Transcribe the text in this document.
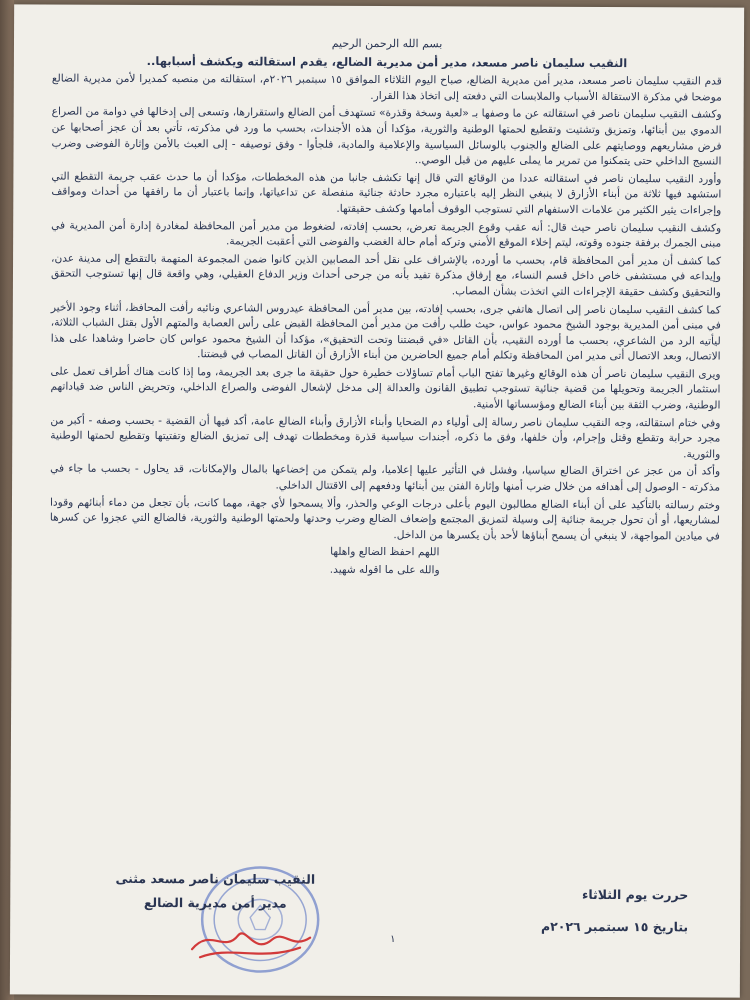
بسم الله الرحمن الرحيم
النقيب سليمان ناصر مسعد، مدير أمن مديرية الضالع، يقدم استقالته ويكشف أسبابها..

قدم النقيب سليمان ناصر مسعد، مدير أمن مديرية الضالع، صباح اليوم الثلاثاء الموافق ١٥ سبتمبر ٢٠٢٦م، استقالته من منصبه كمديرا لأمن مديرية الضالع موضحا في مذكرة الاستقالة الأسباب والملابسات التي دفعته إلى اتخاذ هذا القرار.

وكشف النقيب سليمان ناصر في استقالته عن ما وصفها بـ «لعبة وسخة وقذرة» تستهدف أمن الضالع واستقرارها، وتسعى إلى إدخالها في دوامة من الصراع الدموي بين أبنائها، وتمزيق وتشتيت وتقطيع لحمتها الوطنية والثورية، مؤكدا أن هذه الأجندات، بحسب ما ورد في مذكرته، تأتي بعد أن عجز أصحابها عن فرض مشاريعهم ووصايتهم على الضالع والجنوب بالوسائل السياسية والإعلامية والمادية، فلجأوا - وفق توصيفه - إلى العبث بالأمن وإثارة الفوضى وضرب النسيج الداخلي حتى يتمكنوا من تمرير ما يملى عليهم من قبل الوصي..

وأورد النقيب سليمان ناصر في استقالته عددا من الوقائع التي قال إنها تكشف جانبا من هذه المخططات، مؤكدا أن ما حدث عقب جريمة التقطع التي استشهد فيها ثلاثة من أبناء الأزارق لا ينبغي النظر إليه باعتباره مجرد حادثة جنائية منفصلة عن تداعياتها، وإنما باعتبار أن ما رافقها من أحداث ومواقف وإجراءات يثير الكثير من علامات الاستفهام التي تستوجب الوقوف أمامها وكشف حقيقتها.

وكشف النقيب سليمان ناصر حيث قال: أنه عقب وقوع الجريمة تعرض، بحسب إفادته، لضغوط من مدير أمن المحافظة لمغادرة إدارة أمن المديرية في مبنى الجمرك برفقة جنوده وقوته، ليتم إخلاء الموقع الأمني وتركه أمام حالة الغضب والفوضى التي أعقبت الجريمة.

كما كشف أن مدير أمن المحافظة قام، بحسب ما أورده، بالإشراف على نقل أحد المصابين الذين كانوا ضمن المجموعة المتهمة بالتقطع إلى مدينة عدن، وإيداعه في مستشفى خاص داخل قسم النساء، مع إرفاق مذكرة تفيد بأنه من جرحى أحداث وزير الدفاع العقيلي، وهي واقعة قال إنها تستوجب التحقق والتحقيق وكشف حقيقة الإجراءات التي اتخذت بشأن المصاب.

كما كشف النقيب سليمان ناصر إلى اتصال هاتفي جرى، بحسب إفادته، بين مدير أمن المحافظة عيدروس الشاعري ونائبه رأفت المحافظ، أثناء وجود الأخير في مبنى أمن المديرية بوجود الشيخ محمود عواس، حيث طلب رأفت من مدير أمن المحافظة القبض على رأس العصابة والمتهم الأول بقتل الشباب الثلاثة، ليأتيه الرد من الشاعري، بحسب ما أورده النقيب، بأن القاتل «في قبضتنا وتحت التحقيق»، مؤكدا أن الشيخ محمود عواس كان حاضرا وشاهدا على هذا الاتصال، وبعد الاتصال أتى مدير امن المحافظة وتكلم أمام جميع الحاضرين من أبناء الأزارق أن القاتل المصاب في قبضتنا.

ويرى النقيب سليمان ناصر أن هذه الوقائع وغيرها تفتح الباب أمام تساؤلات خطيرة حول حقيقة ما جرى بعد الجريمة، وما إذا كانت هناك أطراف تعمل على استثمار الجريمة وتحويلها من قضية جنائية تستوجب تطبيق القانون والعدالة إلى مدخل لإشعال الفوضى والصراع الداخلي، وتحريض الناس ضد قياداتهم الوطنية، وضرب الثقة بين أبناء الضالع ومؤسساتها الأمنية.

وفي ختام استقالته، وجه النقيب سليمان ناصر رسالة إلى أولياء دم الضحايا وأبناء الأزارق وأبناء الضالع عامة، أكد فيها أن القضية - بحسب وصفه - أكبر من مجرد حرابة وتقطع وقتل وإجرام، وأن خلفها، وفق ما ذكره، أجندات سياسية قذرة ومخططات تهدف إلى تمزيق الضالع وتفتيتها وتقطيع لحمتها الوطنية والثورية.

وأكد أن من عجز عن اختراق الضالع سياسيا، وفشل في التأثير عليها إعلاميا، ولم يتمكن من إخضاعها بالمال والإمكانات، قد يحاول - بحسب ما جاء في مذكرته - الوصول إلى أهدافه من خلال ضرب أمنها وإثارة الفتن بين أبنائها ودفعهم إلى الاقتتال الداخلي.

وختم رسالته بالتأكيد على أن أبناء الضالع مطالبون اليوم بأعلى درجات الوعي والحذر، وألا يسمحوا لأي جهة، مهما كانت، بأن تجعل من دماء أبنائهم وقودا لمشاريعها، أو أن تحول جريمة جنائية إلى وسيلة لتمزيق المجتمع وإضعاف الضالع وضرب وحدتها ولحمتها الوطنية والثورية، فالضالع التي عجزوا عن كسرها في ميادين المواجهة، لا ينبغي أن يسمح أبناؤها لأحد بأن يكسرها من الداخل.

اللهم احفظ الضالع واهلها
والله على ما اقوله شهيد.
حررت يوم الثلاثاء
بتاريخ ١٥ سبتمبر ٢٠٢٦م
النقيب سليمان ناصر مسعد مثنى
مدير أمن مديرية الضالع
١
